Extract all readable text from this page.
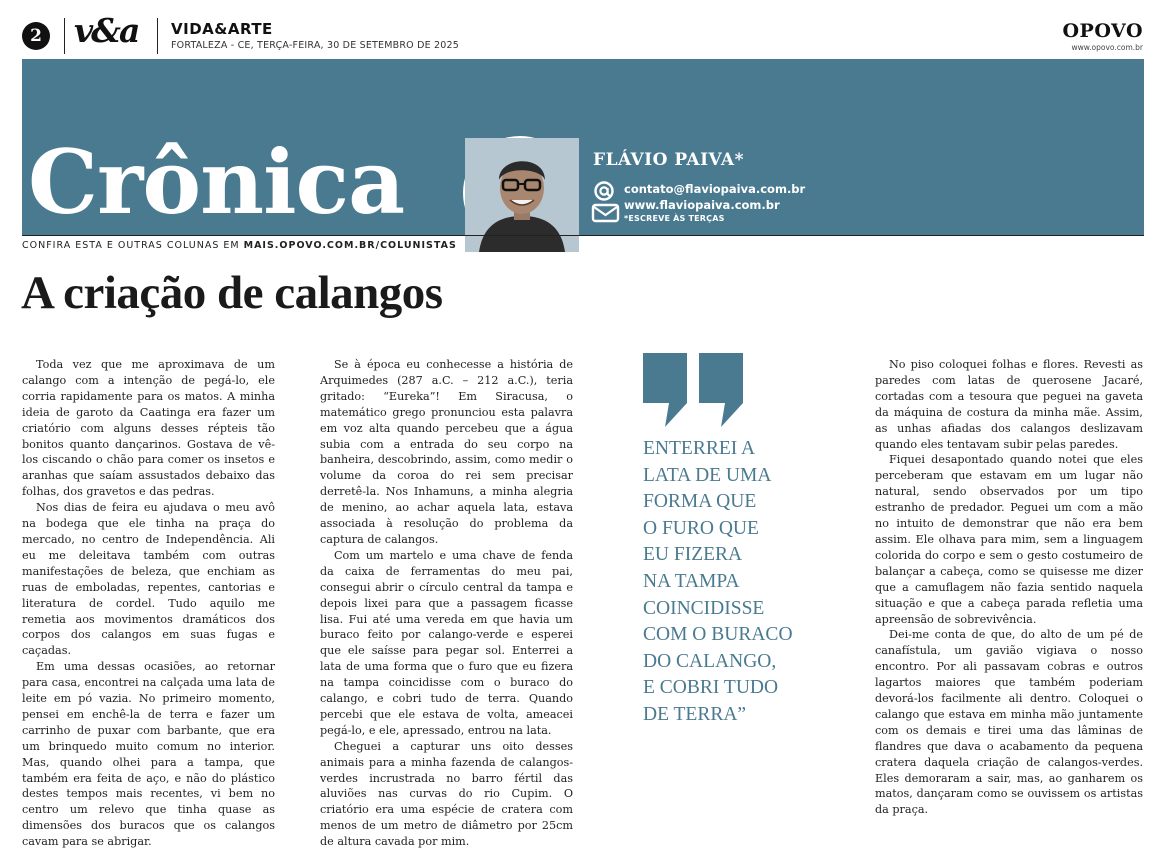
2 v&a VIDA&ARTE
FORTALEZA - CE, TERÇA-FEIRA, 30 DE SETEMBRO DE 2025
OPOVO
www.opovo.com.br
Crônica	FLÁVIO PAIVA*
contato@flaviopaiva.com.br
www.flaviopaiva.com.br
*ESCREVE ÀS TERÇAS
CONFIRA ESTA E OUTRAS COLUNAS EM MAIS.OPOVO.COM.BR/COLUNISTAS
A criação de calangos

Toda vez que me aproximava de um calango com a intenção de pegá-lo, ele corria rapidamente para os matos. A minha ideia de garoto da Caatinga era fazer um criatório com alguns desses répteis tão bonitos quanto dançarinos. Gostava de vê-los ciscando o chão para comer os insetos e aranhas que saíam assustados debaixo das folhas, dos gravetos e das pedras.

Nos dias de feira eu ajudava o meu avô na bodega que ele tinha na praça do mercado, no centro de Independência. Ali eu me deleitava também com outras manifestações de beleza, que enchiam as ruas de emboladas, repentes, cantorias e literatura de cordel. Tudo aquilo me remetia aos movimentos dramáticos dos corpos dos calangos em suas fugas e caçadas.

Em uma dessas ocasiões, ao retornar para casa, encontrei na calçada uma lata de leite em pó vazia. No primeiro momento, pensei em enchê-la de terra e fazer um carrinho de puxar com barbante, que era um brinquedo muito comum no interior. Mas, quando olhei para a tampa, que também era feita de aço, e não do plástico destes tempos mais recentes, vi bem no centro um relevo que tinha quase as dimensões dos buracos que os calangos cavam para se abrigar.

Se à época eu conhecesse a história de Arquimedes (287 a.C. – 212 a.C.), teria gritado: “Eureka”! Em Siracusa, o matemático grego pronunciou esta palavra em voz alta quando percebeu que a água subia com a entrada do seu corpo na banheira, descobrindo, assim, como medir o volume da coroa do rei sem precisar derretê-la. Nos Inhamuns, a minha alegria de menino, ao achar aquela lata, estava associada à resolução do problema da captura de calangos.

Com um martelo e uma chave de fenda da caixa de ferramentas do meu pai, consegui abrir o círculo central da tampa e depois lixei para que a passagem ficasse lisa. Fui até uma vereda em que havia um buraco feito por calango-verde e esperei que ele saísse para pegar sol. Enterrei a lata de uma forma que o furo que eu fizera na tampa coincidisse com o buraco do calango, e cobri tudo de terra. Quando percebi que ele estava de volta, ameacei pegá-lo, e ele, apressado, entrou na lata.

Cheguei a capturar uns oito desses animais para a minha fazenda de calangos-verdes incrustrada no barro fértil das aluviões nas curvas do rio Cupim. O criatório era uma espécie de cratera com menos de um metro de diâmetro por 25cm de altura cavada por mim.

ENTERREI A
LATA DE UMA
FORMA QUE
O FURO QUE
EU FIZERA
NA TAMPA
COINCIDISSE
COM O BURACO
DO CALANGO,
E COBRI TUDO
DE TERRA”

No piso coloquei folhas e flores. Revesti as paredes com latas de querosene Jacaré, cortadas com a tesoura que peguei na gaveta da máquina de costura da minha mãe. Assim, as unhas afiadas dos calangos deslizavam quando eles tentavam subir pelas paredes.

Fiquei desapontado quando notei que eles perceberam que estavam em um lugar não natural, sendo observados por um tipo estranho de predador. Peguei um com a mão no intuito de demonstrar que não era bem assim. Ele olhava para mim, sem a linguagem colorida do corpo e sem o gesto costumeiro de balançar a cabeça, como se quisesse me dizer que a camuflagem não fazia sentido naquela situação e que a cabeça parada refletia uma apreensão de sobrevivência.

Dei-me conta de que, do alto de um pé de canafístula, um gavião vigiava o nosso encontro. Por ali passavam cobras e outros lagartos maiores que também poderiam devorá-los facilmente ali dentro. Coloquei o calango que estava em minha mão juntamente com os demais e tirei uma das lâminas de flandres que dava o acabamento da pequena cratera daquela criação de calangos-verdes. Eles demoraram a sair, mas, ao ganharem os matos, dançaram como se ouvissem os artistas da praça.
